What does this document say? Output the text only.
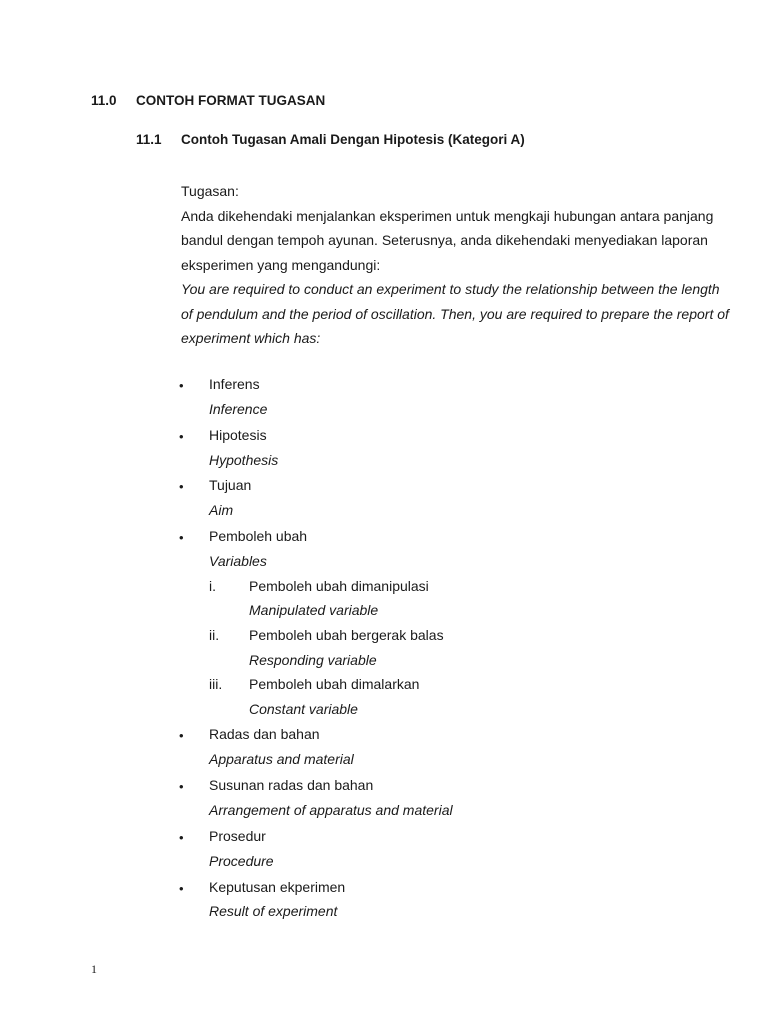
11.0 CONTOH FORMAT TUGASAN
11.1 Contoh Tugasan Amali Dengan Hipotesis (Kategori A)

Tugasan:

Anda dikehendaki menjalankan eksperimen untuk mengkaji hubungan antara panjang bandul dengan tempoh ayunan. Seterusnya, anda dikehendaki menyediakan laporan eksperimen yang mengandungi:

You are required to conduct an experiment to study the relationship between the length of pendulum and the period of oscillation. Then, you are required to prepare the report of experiment which has:

• Inferens
Inference
• Hipotesis
Hypothesis
• Tujuan
Aim
• Pemboleh ubah
Variables
i. Pemboleh ubah dimanipulasi
Manipulated variable
ii. Pemboleh ubah bergerak balas
Responding variable
iii. Pemboleh ubah dimalarkan
Constant variable
• Radas dan bahan
Apparatus and material
• Susunan radas dan bahan
Arrangement of apparatus and material
• Prosedur
Procedure
• Keputusan ekperimen
Result of experiment
1
